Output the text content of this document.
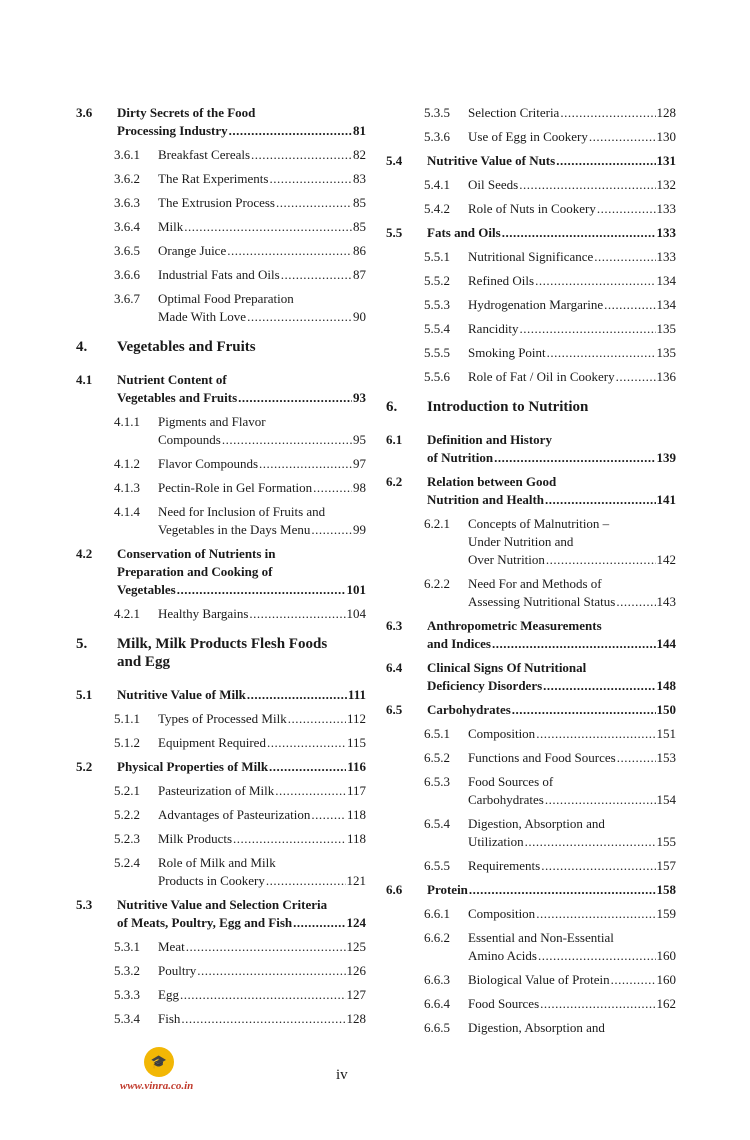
3.6 Dirty Secrets of the Food
Processing Industry .....	81
3.6.1 Breakfast Cereals .....	82
3.6.2 The Rat Experiments .....	83
3.6.3 The Extrusion Process .....	85
3.6.4 Milk .....	85
3.6.5 Orange Juice .....	86
3.6.6 Industrial Fats and Oils .....	87
3.6.7 Optimal Food Preparation
Made With Love .....	90
4. Vegetables and Fruits
4.1 Nutrient Content of
Vegetables and Fruits .....	93
4.1.1 Pigments and Flavor
Compounds .....	95
4.1.2 Flavor Compounds .....	97
4.1.3 Pectin-Role in Gel Formation .....	98
4.1.4 Need for Inclusion of Fruits and
Vegetables in the Days Menu .....	99
4.2 Conservation of Nutrients in
Preparation and Cooking of
Vegetables .....	101
4.2.1 Healthy Bargains .....	104
5. Milk, Milk Products Flesh Foods
and Egg
5.1 Nutritive Value of Milk .....	111
5.1.1 Types of Processed Milk .....	112
5.1.2 Equipment Required .....	115
5.2 Physical Properties of Milk .....	116
5.2.1 Pasteurization of Milk .....	117
5.2.2 Advantages of Pasteurization .....	118
5.2.3 Milk Products .....	118
5.2.4 Role of Milk and Milk
Products in Cookery .....	121
5.3 Nutritive Value and Selection Criteria
of Meats, Poultry, Egg and Fish .....	124
5.3.1 Meat .....	125
5.3.2 Poultry .....	126
5.3.3 Egg .....	127
5.3.4 Fish .....	128
5.3.5 Selection Criteria .....	128
5.3.6 Use of Egg in Cookery .....	130
5.4 Nutritive Value of Nuts .....	131
5.4.1 Oil Seeds .....	132
5.4.2 Role of Nuts in Cookery .....	133
5.5 Fats and Oils .....	133
5.5.1 Nutritional Significance .....	133
5.5.2 Refined Oils .....	134
5.5.3 Hydrogenation Margarine .....	134
5.5.4 Rancidity .....	135
5.5.5 Smoking Point .....	135
5.5.6 Role of Fat / Oil in Cookery .....	136
6. Introduction to Nutrition
6.1 Definition and History
of Nutrition .....	139
6.2 Relation between Good
Nutrition and Health .....	141
6.2.1 Concepts of Malnutrition –
Under Nutrition and
Over Nutrition .....	142
6.2.2 Need For and Methods of
Assessing Nutritional Status .....	143
6.3 Anthropometric Measurements
and Indices .....	144
6.4 Clinical Signs Of Nutritional
Deficiency Disorders .....	148
6.5 Carbohydrates .....	150
6.5.1 Composition .....	151
6.5.2 Functions and Food Sources .....	153
6.5.3 Food Sources of
Carbohydrates .....	154
6.5.4 Digestion, Absorption and
Utilization .....	155
6.5.5 Requirements .....	157
6.6 Protein .....	158
6.6.1 Composition .....	159
6.6.2 Essential and Non-Essential
Amino Acids .....	160
6.6.3 Biological Value of Protein .....	160
6.6.4 Food Sources .....	162
6.6.5 Digestion, Absorption and
iv
🎓
www.vinra.co.in
